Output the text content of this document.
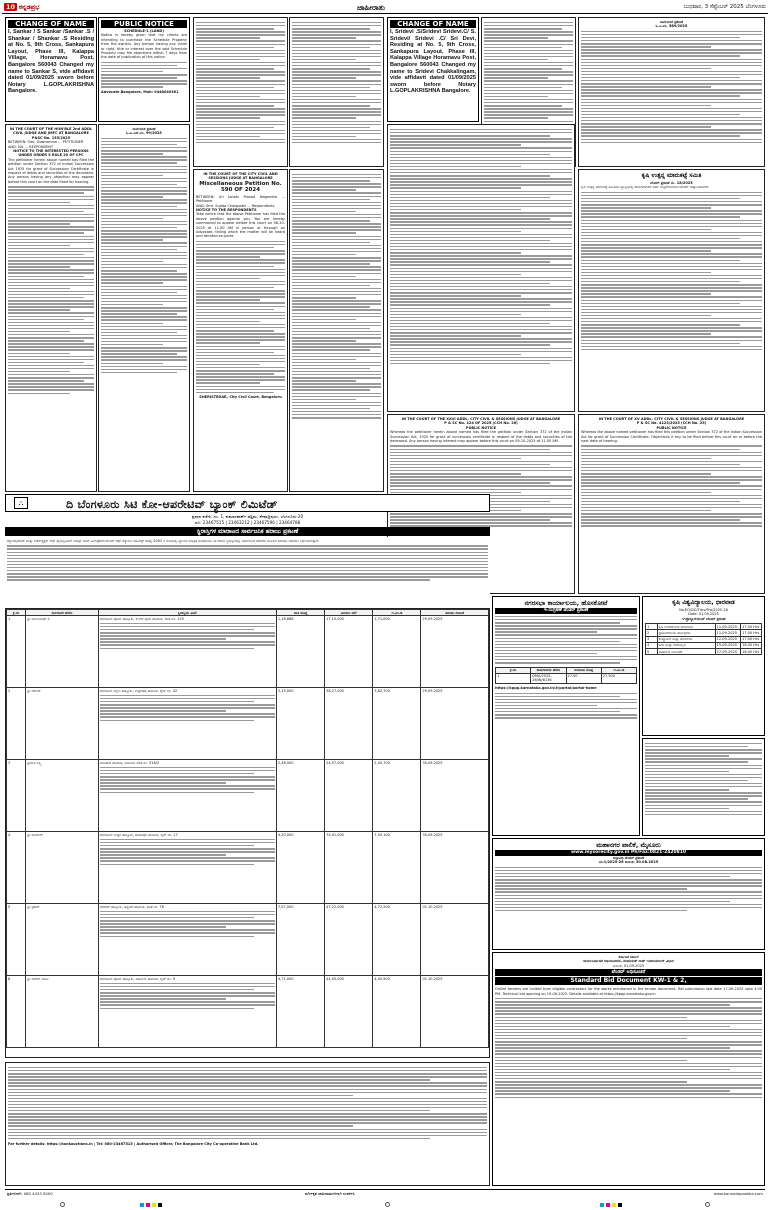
10 ಕನ್ನಡಪ್ರಭ	ಜಾಹೀರಾತು	ಬುಧವಾರ, 3 ಸೆಪ್ಟೆಂಬರ್ 2025 ಬೆಂಗಳೂರು
CHANGE OF NAME
I, Sankar / S Sankar /Sankar .S / Shankar / Shankar .S Residing at No. 5, 9th Cross, Sankapura Layout, Phase III, Kalappa Village, Horamavu Post, Bangalore 560043 Changed my name to Sankar S, vide affidavit dated 01/09/2025 sworn before Notary L.GOPLAKRISHNA Bangalore.
PUBLIC NOTICE
SCHEDULE-1 (LAND)
Notice is hereby given that my clients are intending to purchase the Schedule Property from the owners. Any person having any claim or right, title or interest over the said Schedule Property may file objections within 7 days from the date of publication of this notice.
Advocate Bangalore, Mob: 9448040301
IN THE COURT OF THE HON'BLE 2nd ADDL CIVIL JUDGE AND JMFC AT BANGALORE
P&SC No. 155/2025
BETWEEN: Smt. Gowramma ... PETITIONER
AND: NIL ... RESPONDENT
NOTICE TO THE INTERESTED PERSONS UNDER ORDER 5 RULE 20 OF CPC
The petitioner herein above named has filed the petition under Section 372 of Indian Succession Act 1925 for grant of Succession Certificate in respect of debts and securities of the deceased. Any person having any objection may appear before this court on the date fixed for hearing.
ಸಾರ್ವಜನಿಕ ಪ್ರಕಟಣೆ
ಓ.ಎ.ಎಸ್.ನಂ. 99/2025
IN THE COURT OF THE CITY CIVIL AND SESSIONS JUDGE AT BANGALORE
Miscellaneous Petition No. 590 OF 2024
BETWEEN: Sri Janaki Prasad Nagendra ... Petitioner
AND: Smt. Sujata Chalapathi ... Respondents
NOTICE TO THE RESPONDENTS
Take notice that the above Petitioner has filed the above petition against you. You are hereby summoned to appear before this court on 08-10-2025 at 11.00 AM in person or through an Advocate, failing which the matter will be heard and decided ex-parte.
SHERISTEDAR, City Civil Court, Bengaluru
CHANGE OF NAME
I, Sridevi .S/Sridevi Sridevi.C/ S. Sridevi/ Sridevi .C/ Sri Devi, Residing at No. 5, 9th Cross, Sankapura Layout, Phase III, Kalappa Village Horamavu Post, Bangalore 560043 Changed my name to Sridevi Chakkalingam, vide affidavit dated 01/09/2025 sworn before Notary L.GOPLAKRISHNA Bangalore.
ಸಾರ್ವಜನಿಕ ಪ್ರಕಟಣೆ
ಓ.ಎ.ನಂ. 589/2025
ಕೃಷಿ ಉತ್ಪನ್ನ ಮಾರುಕಟ್ಟೆ ಸಮಿತಿ
ಟೆಂಡರ್ ಪ್ರಕಟಣೆ ನಂ. 18/2025
ಕೃಷಿ ಉತ್ಪನ್ನ ಮಾರುಕಟ್ಟೆ ಸಮಿತಿಯ ವ್ಯಾಪ್ತಿಯಲ್ಲಿ ಕಾಮಗಾರಿಗಳಿಗೆ ಅರ್ಹ ಗುತ್ತಿಗೆದಾರರಿಂದ ಟೆಂಡರ್ ಆಹ್ವಾನಿಸಲಾಗಿದೆ.
IN THE COURT OF THE XXVI ADDL. CITY CIVIL & SESSIONS JUDGE AT BANGALORE
P & SC No. 124 OF 2025 (CCH No. 26)
PUBLIC NOTICE
Whereas the petitioner herein above named has filed the petition under Section 372 of the Indian Succession Act, 1925 for grant of succession certificate in respect of the debts and securities of the deceased. Any person having interest may appear before this court on 09-10-2025 at 11.00 AM.
IN THE COURT OF XV ADDL. CITY CIVIL & SESSIONS JUDGE AT BANGALORE
P & SC No. 4123/2025 (CCH No. 25)
PUBLIC NOTICE
Whereas the above named petitioner has filed this petition under Section 372 of the Indian Succession Act for grant of Succession Certificate. Objections if any to be filed before this court on or before the next date of hearing.
⛬	ದಿ ಬೆಂಗಳೂರು ಸಿಟಿ ಕೋ-ಆಪರೇಟಿವ್ ಬ್ಯಾಂಕ್ ಲಿಮಿಟೆಡ್
ಪ್ರಧಾನ ಕಚೇರಿ: ನಂ. 1, ಕುಮಾರಪಾರ್ಕ್ ಪಶ್ಚಿಮ, ಶೇಷಾದ್ರಿಪುರಂ, ಬೆಂಗಳೂರು-20
ದೂ: 23467515 | 23463212 | 23467596 | 23464788
ಸ್ಥಿರಾಸ್ತಿಗಳ ಮಾರಾಟದ ಸಾರ್ವಜನಿಕ ಹರಾಜು ಪ್ರಕಟಣೆ
ಸೆಕ್ಯುರಿಟೈಸೇಶನ್ ಮತ್ತು ರೀಕನ್‌ಸ್ಟ್ರಕ್ಷನ್ ಆಫ್ ಫೈನಾನ್ಷಿಯಲ್ ಅಸೆಟ್ಸ್ ಅಂಡ್ ಎನ್‌ಫೋರ್ಸ್‌ಮೆಂಟ್ ಆಫ್ ಸೆಕ್ಯುರಿಟಿ ಇಂಟರೆಸ್ಟ್ ಕಾಯ್ದೆ 2002 ರ ಅಡಿಯಲ್ಲಿ ಬ್ಯಾಂಕಿನ ಅಧಿಕೃತ ಅಧಿಕಾರಿಯು ಈ ಕೆಳಗಿನ ಸ್ಥಿರಾಸ್ತಿಗಳನ್ನು ಸಾರ್ವಜನಿಕ ಹರಾಜಿನ ಮೂಲಕ ಮಾರಾಟ ಮಾಡಲು ನಿರ್ಧರಿಸಿರುತ್ತಾರೆ.
ಕ್ರ.ಸಂ	ಸಾಲಗಾರರ ಹೆಸರು	ಸ್ಥಿರಾಸ್ತಿಯ ವಿವರ	ಬಾಕಿ ಮೊತ್ತ	ಮೀಸಲು ಬೆಲೆ	ಇ.ಎಂ.ಡಿ	ಹರಾಜು ದಿನಾಂಕ
1	ಶ್ರೀ ಮಂಜುನಾಥ್ ಕೆ.	ಬೆಂಗಳೂರು ಪೂರ್ವ ತಾಲ್ಲೂಕು, ಕೆ.ಆರ್.ಪುರಂ ಹೋಬಳಿ, ಖಾತೆ ನಂ. 125	1,16,686	17,10,000	1,71,000	29.09.2025
2	ಶ್ರೀ ರಮೇಶ್	ಬೆಂಗಳೂರು ದಕ್ಷಿಣ ತಾಲ್ಲೂಕು, ಉತ್ತರಹಳ್ಳಿ ಹೋಬಳಿ, ಸೈಟ್ ನಂ. 42	3,15,000	38,27,000	3,82,700	29.09.2025
3	ಶ್ರೀಮತಿ ಲಕ್ಷ್ಮಿ	ಯಲಹಂಕ ಹೋಬಳಿ, ಬಿಬಿಎಂಪಿ ಖಾತೆ ನಂ. 318/2	2,48,500	24,57,000	2,45,700	30.09.2025
4	ಶ್ರೀ ನಾಗರಾಜ್	ಬೆಂಗಳೂರು ಉತ್ತರ ತಾಲ್ಲೂಕು, ದಾಸನಪುರ ಹೋಬಳಿ, ಸೈಟ್ ನಂ. 17	4,20,000	75,01,000	7,50,100	30.09.2025
5	ಶ್ರೀ ಪ್ರಕಾಶ್	ಆನೇಕಲ್ ತಾಲ್ಲೂಕು, ಅತ್ತಿಬೆಲೆ ಹೋಬಳಿ, ಖಾತೆ ನಂ. 76	7,07,000	47,22,000	4,72,200	01.10.2025
6	ಶ್ರೀ ಸುರೇಶ್ ಬಾಬು	ಬೆಂಗಳೂರು ಪೂರ್ವ ತಾಲ್ಲೂಕು, ವರ್ತೂರು ಹೋಬಳಿ, ಸೈಟ್ ನಂ. 9	4,71,000	44,05,000	4,40,500	01.10.2025
For further details: https://bankauctions.in | Tel: 080-23467515 | Authorised Officer, The Bangalore City Co-operative Bank Ltd.
ನಗರಸಭಾ ಕಾರ್ಯಾಲಯ, ಹೊಸಕೋಟೆ
ಇ-ಸಂಗ್ರಹಣೆ ಟೆಂಡರ್ ಪ್ರಕಟಣೆ
ಕ್ರ.ಸಂ	ಕಾಮಗಾರಿಯ ಹೆಸರು	ಅಂದಾಜು ಮೊತ್ತ	ಇ.ಎಂ.ಡಿ
1	DMA/2025-26/IN/8136	27.00	27,500
https://kppp.karnataka.gov.in/#/portal/portal-home
ಕೃಷಿ ವಿಶ್ವವಿದ್ಯಾಲಯ, ಧಾರವಾಡ
No.EO/DO/Tdrs/Pro/2025-26
Date: 01.09.2025
ಇ-ಪ್ರೊಕ್ಯೂರ್‌ಮೆಂಟ್ ಟೆಂಡರ್ ಪ್ರಕಟಣೆ
1	ಕೃಷಿ ಉಪಕರಣಗಳ ಸರಬರಾಜು	11-09-2025	17.00 Hrs
2	ಪ್ರಯೋಗಾಲಯ ಸಾಮಗ್ರಿಗಳು	11-09-2025	17.00 Hrs
3	ಕಂಪ್ಯೂಟರ್ ಮತ್ತು ಪರಿಕರಗಳು	12-09-2025	17.00 Hrs
4	ಬೀಜ ಮತ್ತು ರಸಗೊಬ್ಬರ	15-09-2025	16.00 Hrs
5	ವಾಹನಗಳ ನಿರ್ವಹಣೆ	17-09-2025	16.00 Hrs
ಮಹಾನಗರ ಪಾಲಿಕೆ, ಮೈಸೂರು
www.mysorecity.gov.in Ph/Fax:0821-2420810
ಅಲ್ಪಾವಧಿ ಟೆಂಡರ್ ಪ್ರಕಟಣೆ
ನಂ:1/2025-26 ದಿನಾಂಕ: 30.08.2025
ಕರ್ನಾಟಕ ಸರ್ಕಾರ
ಕಾರ್ಯನಿರ್ವಾಹಕ ಅಭಿಯಂತರರು, ಪಂಚಾಯತ್ ರಾಜ್ ಇಂಜಿನಿಯರಿಂಗ್ ವಿಭಾಗ
ದಿನಾಂಕ: 01-09-2025
ಟೆಂಡರ್ ಅಧಿಸೂಚನೆ
Standard Bid Document KW-1 & 2,
Online tenders are invited from eligible contractors for the works mentioned in the tender document. Bid submission last date 17-09-2025 upto 4.00 PM. Technical bid opening on 19-09-2025. Details available at https://kppp.karnataka.gov.in
ಪ್ರತಿಗಳಿಗಾಗಿ: 080 4433 5000	ವರ್ಗೀಕೃತ ಜಾಹೀರಾತುಗಳಿಗಾಗಿ ಸಂಪರ್ಕಿಸಿ	www.kannadaprabha.com
